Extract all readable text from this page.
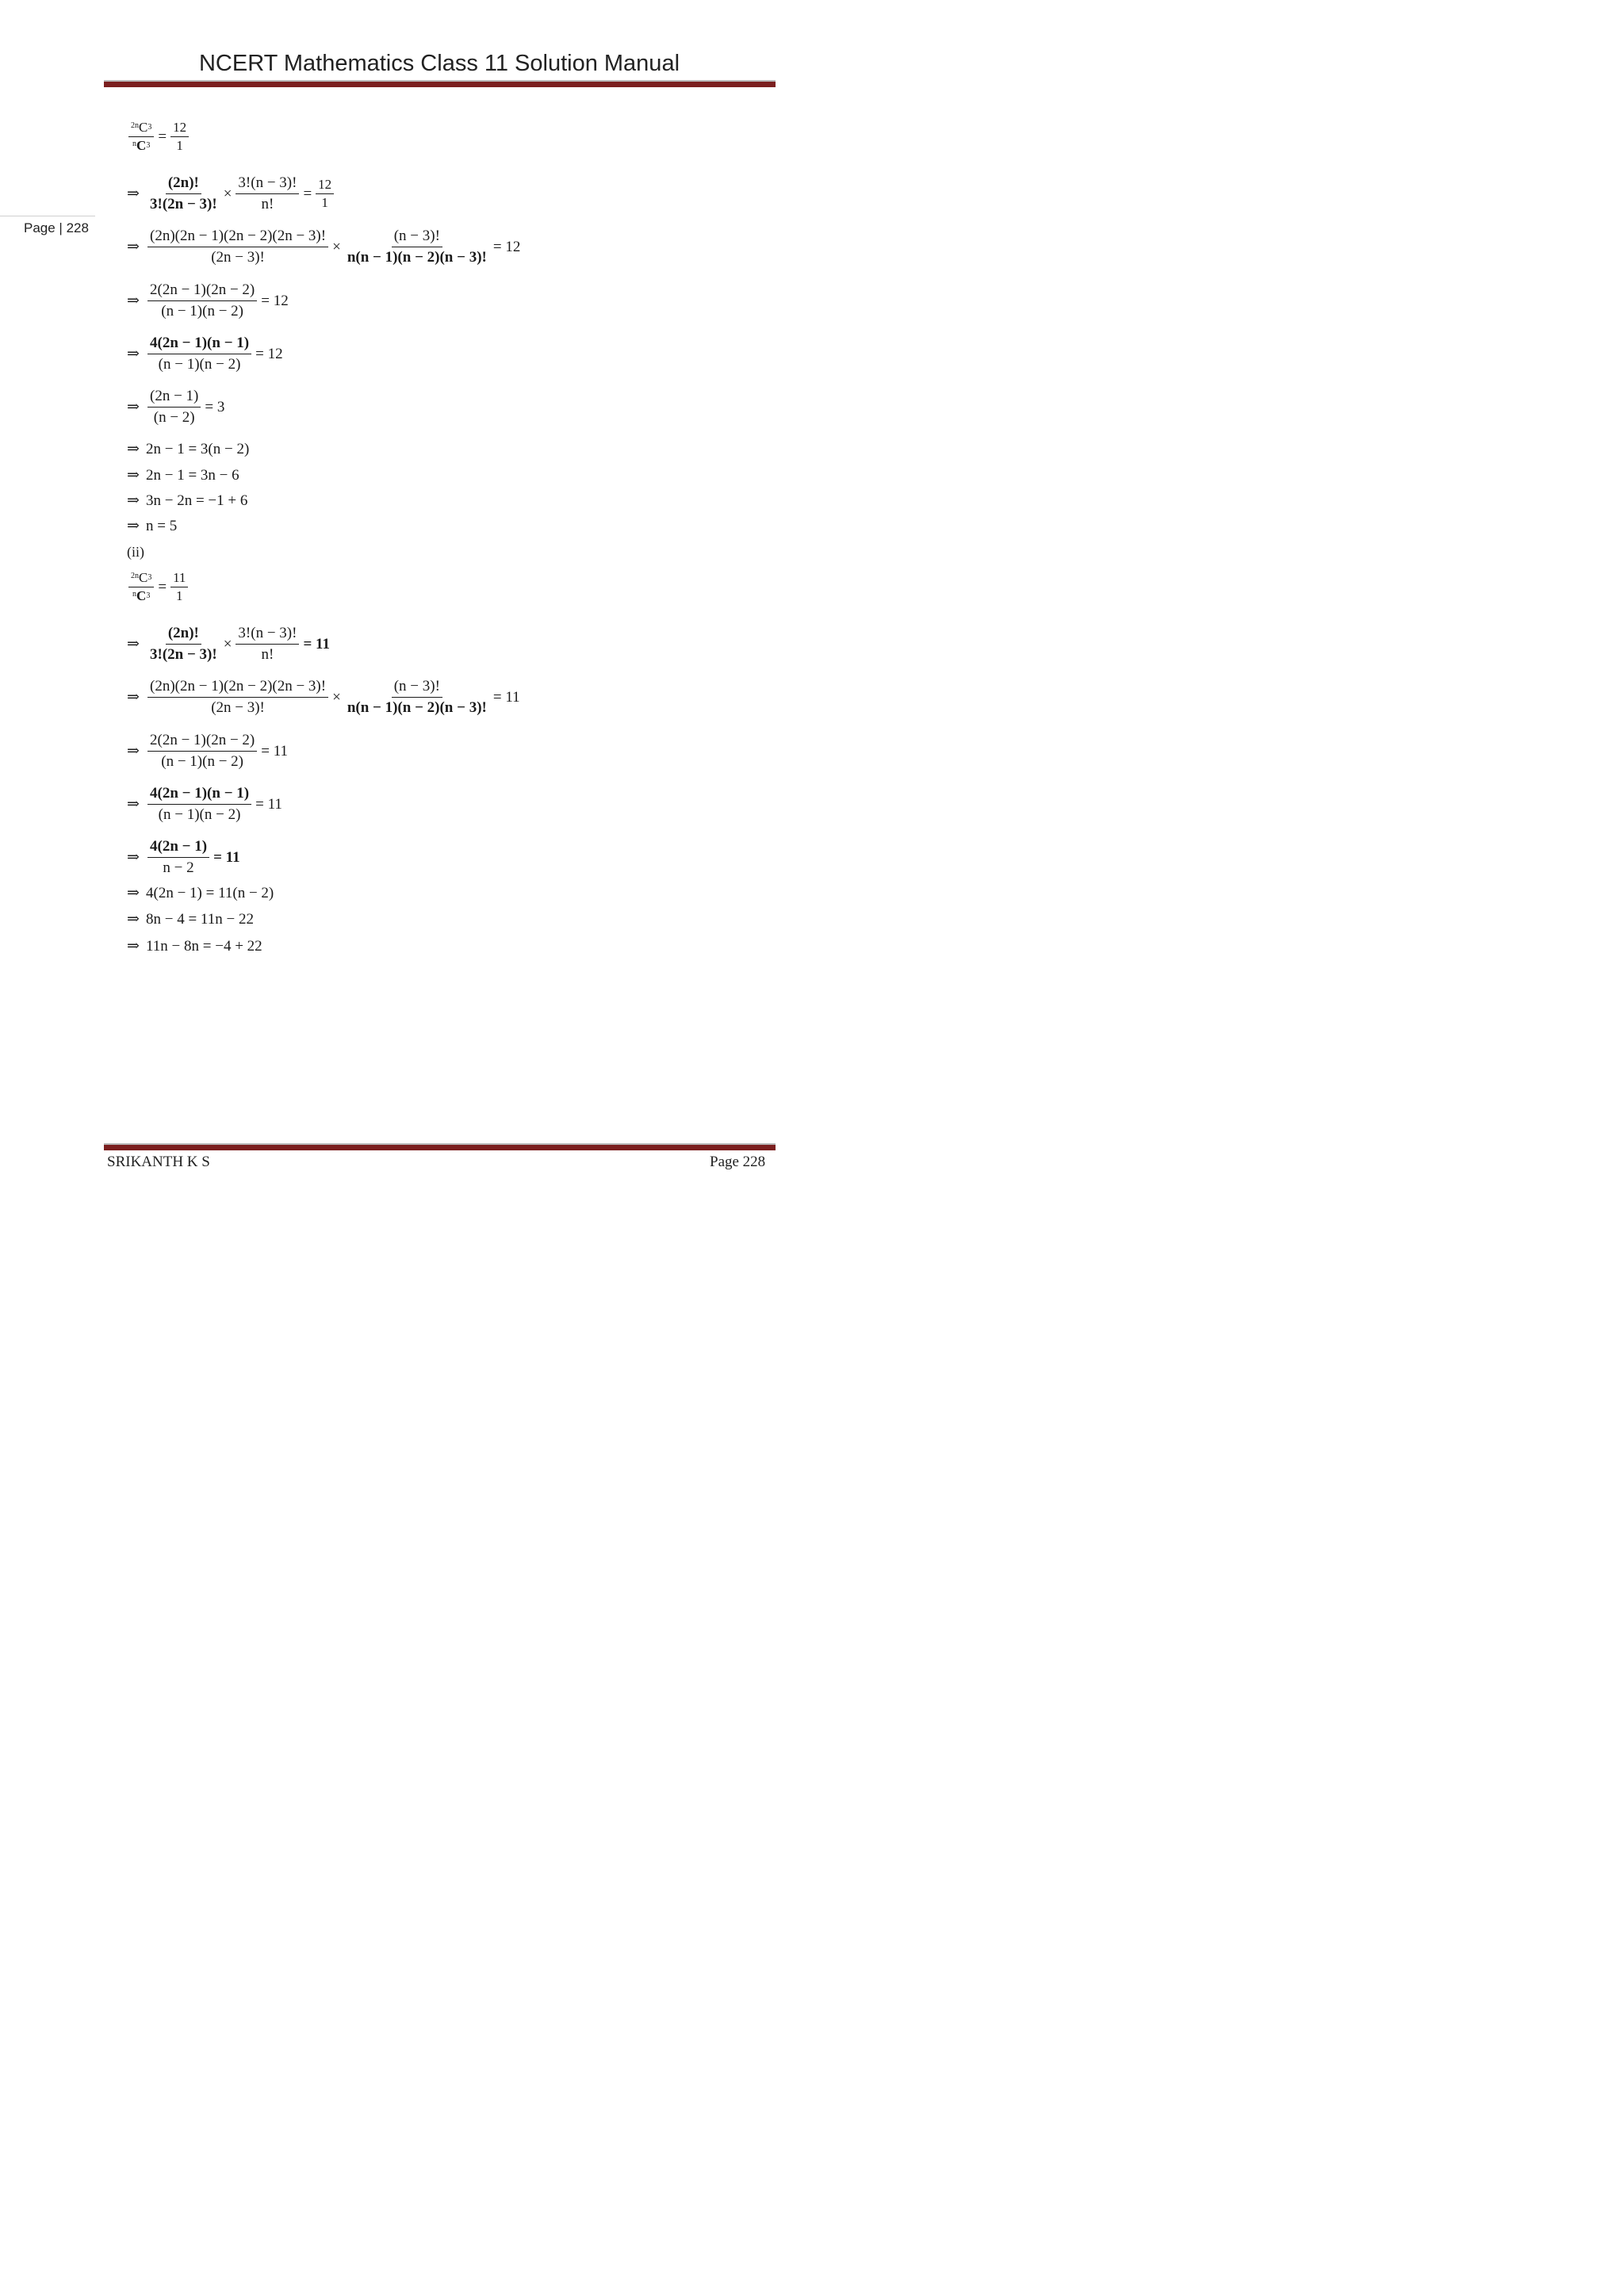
NCERT Mathematics Class 11 Solution Manual
Page | 228
$\frac{^{2n}C3}{^nC3} = \frac{12}{1}$
⇒ $\frac{(2n)!}{3!(2n - 3)!} \times \frac{3!(n - 3)!}{n!} = \frac{12}{1}$
⇒ $\frac{(2n)(2n - 1)(2n - 2)(2n - 3)!}{(2n - 3)!} \times \frac{(n - 3)!}{n(n - 1)(n - 2)(n - 3)!} = 12$
⇒ $\frac{2(2n - 1)(2n - 2)}{(n - 1)(n - 2)} = 12$
⇒ $\frac{4(2n - 1)(n - 1)}{(n - 1)(n - 2)} = 12$
⇒ $\frac{(2n - 1)}{(n - 2)} = 3$
⇒ 2n − 1 = 3(n − 2)
⇒ 2n − 1 = 3n − 6
⇒ 3n − 2n = −1 + 6
⇒ n = 5
(ii)
$\frac{^{2n}C3}{^nC3} = \frac{11}{1}$
⇒ $\frac{(2n)!}{3!(2n - 3)!} \times \frac{3!(n - 3)!}{n!} = 11$
⇒ $\frac{(2n)(2n - 1)(2n - 2)(2n - 3)!}{(2n - 3)!} \times \frac{(n - 3)!}{n(n - 1)(n - 2)(n - 3)!} = 11$
⇒ $\frac{2(2n - 1)(2n - 2)}{(n - 1)(n - 2)} = 11$
⇒ $\frac{4(2n - 1)(n - 1)}{(n - 1)(n - 2)} = 11$
⇒ $\frac{4(2n - 1)}{n - 2} = 11$
⇒ 4(2n − 1) = 11(n − 2)
⇒ 8n − 4 = 11n − 22
⇒ 11n − 8n = −4 + 22
SRIKANTH K S	Page 228
